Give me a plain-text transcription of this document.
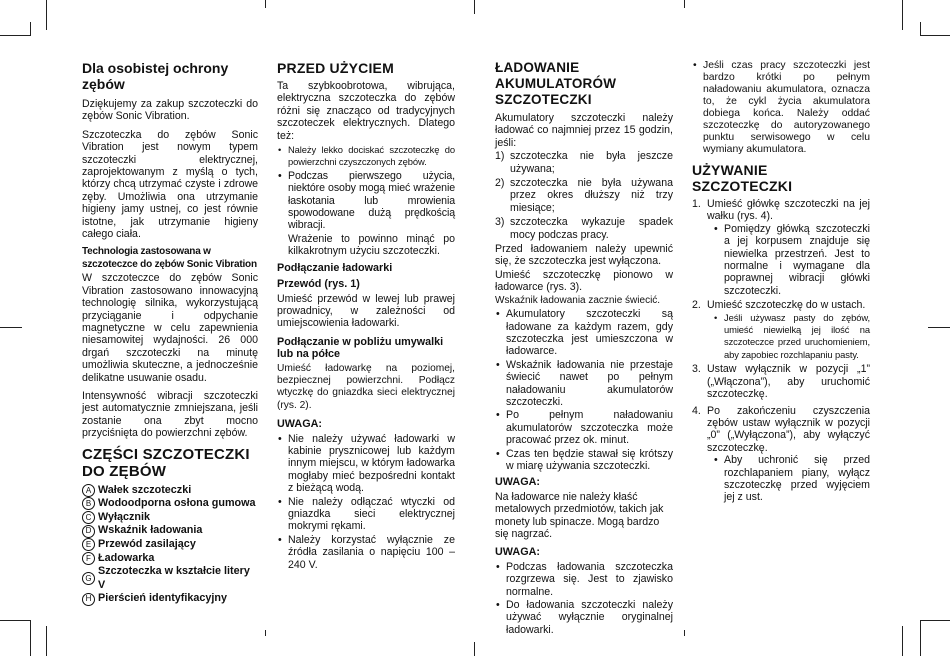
Dla osobistej ochrony zębów

Dziękujemy za zakup szczoteczki do zębów Sonic Vibration.

Szczoteczka do zębów Sonic Vibration jest nowym typem szczoteczki elektrycznej, zaprojektowanym z myślą o tych, którzy chcą utrzymać czyste i zdrowe zęby. Umożliwia ona utrzymanie higieny jamy ustnej, co jest równie istotne, jak utrzymanie higieny całego ciała.

Technologia zastosowana w szczoteczce do zębów Sonic Vibration

W szczoteczce do zębów Sonic Vibration zastosowano innowacyjną technologię silnika, wykorzystującą przyciąganie i odpychanie magnetyczne w celu zapewnienia niesamowitej wydajności. 26 000 drgań szczoteczki na minutę umożliwia skuteczne, a jednocześnie delikatne usuwanie osadu.

Intensywność wibracji szczoteczki jest automatycznie zmniejszana, jeśli zostanie ona zbyt mocno przyciśnięta do powierzchni zębów.

CZĘŚCI SZCZOTECZKI DO ZĘBÓW
A Wałek szczoteczki
B Wodoodporna osłona gumowa
C Wyłącznik
D Wskaźnik ładowania
E Przewód zasilający
F Ładowarka
G
Szczoteczka w kształcie litery V
H Pierścień identyfikacyjny
PRZED UŻYCIEM

Ta szybkoobrotowa, wibrująca, elektryczna szczoteczka do zębów różni się znacząco od tradycyjnych szczoteczek elektrycznych. Dlatego też:

• Należy lekko dociskać szczoteczkę do powierzchni czyszczonych zębów.
• Podczas pierwszego użycia, niektóre osoby mogą mieć wrażenie łaskotania lub mrowienia spowodowane dużą prędkością wibracji.

Wrażenie to powinno minąć po kilkakrotnym użyciu szczoteczki.

Podłączanie ładowarki
Przewód (rys. 1)

Umieść przewód w lewej lub prawej prowadnicy, w zależności od umiejscowienia ładowarki.

Podłączanie w pobliżu umywalki lub na półce

Umieść ładowarkę na poziomej, bezpiecznej powierzchni. Podłącz wtyczkę do gniazdka sieci elektrycznej (rys. 2).

UWAGA:
• Nie należy używać ładowarki w kabinie prysznicowej lub każdym innym miejscu, w którym ładowarka mogłaby mieć bezpośredni kontakt z bieżącą wodą.
• Nie należy odłączać wtyczki od gniazdka sieci elektrycznej mokrymi rękami.
• Należy korzystać wyłącznie ze źródła zasilania o napięciu 100 – 240 V.
ŁADOWANIE AKUMULATORÓW SZCZOTECZKI

Akumulatory szczoteczki należy ładować co najmniej przez 15 godzin, jeśli:

1) szczoteczka nie była jeszcze używana;
2) szczoteczka nie była używana przez okres dłuższy niż trzy miesiące;
3) szczoteczka wykazuje spadek mocy podczas pracy.

Przed ładowaniem należy upewnić się, że szczoteczka jest wyłączona.

Umieść szczoteczkę pionowo w ładowarce (rys. 3).

Wskaźnik ładowania zacznie świecić.

• Akumulatory szczoteczki są ładowane za każdym razem, gdy szczoteczka jest umieszczona w ładowarce.
• Wskaźnik ładowania nie przestaje świecić nawet po pełnym naładowaniu akumulatorów szczoteczki.
• Po pełnym naładowaniu akumulatorów szczoteczka może pracować przez ok. minut.
• Czas ten będzie stawał się krótszy w miarę używania szczoteczki.
UWAGA:

Na ładowarce nie należy kłaść metalowych przedmiotów, takich jak monety lub spinacze. Mogą bardzo się nagrzać.

UWAGA:
• Podczas ładowania szczoteczka rozgrzewa się. Jest to zjawisko normalne.
• Do ładowania szczoteczki należy używać wyłącznie oryginalnej ładowarki.
• Jeśli czas pracy szczoteczki jest bardzo krótki po pełnym naładowaniu akumulatora, oznacza to, że cykl życia akumulatora dobiega końca. Należy oddać szczoteczkę do autoryzowanego punktu serwisowego w celu wymiany akumulatora.
UŻYWANIE SZCZOTECZKI
1. Umieść główkę szczoteczki na jej wałku (rys. 4).
• Pomiędzy główką szczoteczki a jej korpusem znajduje się niewielka przestrzeń. Jest to normalne i wymagane dla poprawnej wibracji główki szczoteczki.
2. Umieść szczoteczkę do w ustach.
• Jeśli używasz pasty do zębów, umieść niewielką jej ilość na szczoteczce przed uruchomieniem, aby zapobiec rozchlapaniu pasty.
3. Ustaw wyłącznik w pozycji „1” („Włączona”), aby uruchomić szczoteczkę.
4. Po zakończeniu czyszczenia zębów ustaw wyłącznik w pozycji „0” („Wyłączona”), aby wyłączyć szczoteczkę.
• Aby uchronić się przed rozchlapaniem piany, wyłącz szczoteczkę przed wyjęciem jej z ust.
